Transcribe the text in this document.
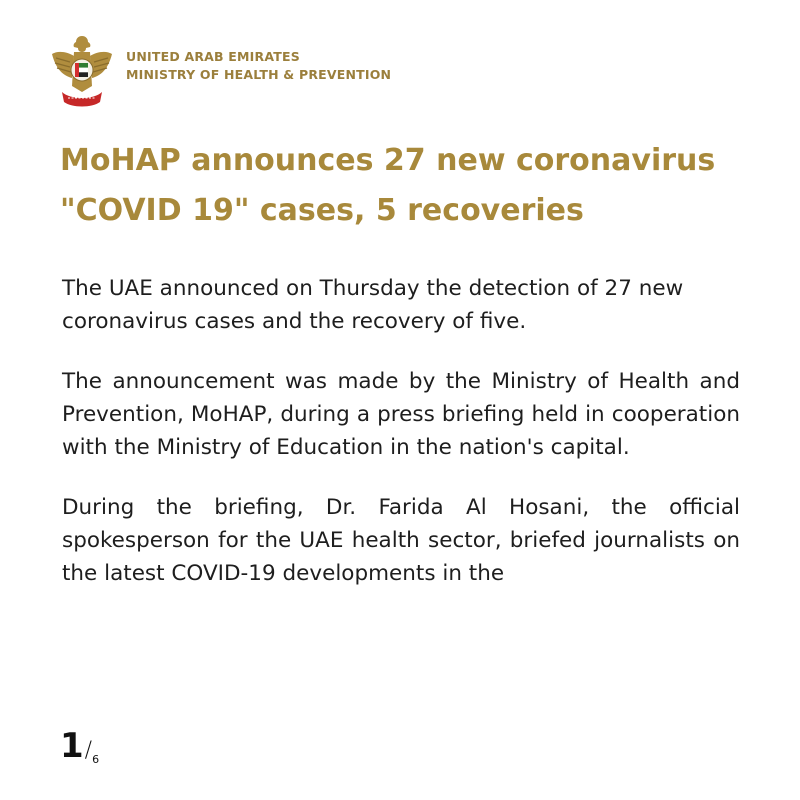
UNITED ARAB EMIRATES
MINISTRY OF HEALTH & PREVENTION
MoHAP announces 27 new coronavirus
"COVID 19" cases, 5 recoveries

The UAE announced on Thursday the detection of 27 new coronavirus cases and the recovery of five.

The announcement was made by the Ministry of Health and Prevention, MoHAP, during a press briefing held in cooperation with the Ministry of Education in the nation's capital.

During the briefing, Dr. Farida Al Hosani, the official spokesperson for the UAE health sector, briefed journalists on the latest COVID-19 developments in the

$1/_6$
